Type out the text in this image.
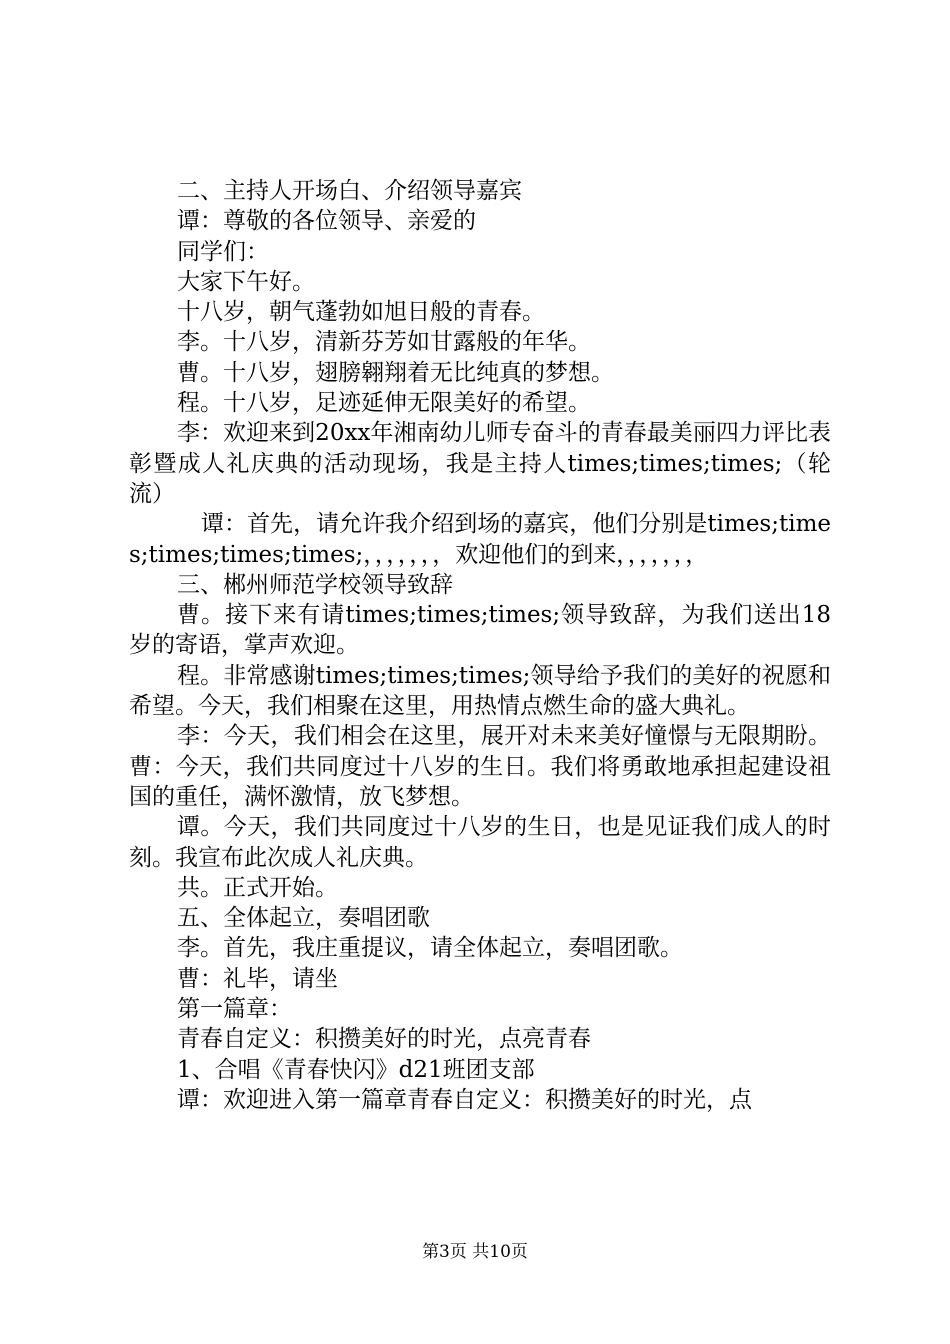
二、主持人开场白、介绍领导嘉宾

谭：尊敬的各位领导、亲爱的

同学们：

大家下午好。

十八岁，朝气蓬勃如旭日般的青春。

李。十八岁，清新芬芳如甘露般的年华。

曹。十八岁，翅膀翱翔着无比纯真的梦想。

程。十八岁，足迹延伸无限美好的希望。

李：欢迎来到20xx年湘南幼儿师专奋斗的青春最美丽四力评比表彰暨成人礼庆典的活动现场，我是主持人times;times;times;（轮流）

谭：首先，请允许我介绍到场的嘉宾，他们分别是times;times;times;times;times;，，，，，，，欢迎他们的到来，，，，，，，

三、郴州师范学校领导致辞

曹。接下来有请times;times;times;领导致辞，为我们送出18岁的寄语，掌声欢迎。

程。非常感谢times;times;times;领导给予我们的美好的祝愿和希望。今天，我们相聚在这里，用热情点燃生命的盛大典礼。

李：今天，我们相会在这里，展开对未来美好憧憬与无限期盼。曹：今天，我们共同度过十八岁的生日。我们将勇敢地承担起建设祖国的重任，满怀激情，放飞梦想。

谭。今天，我们共同度过十八岁的生日，也是见证我们成人的时刻。我宣布此次成人礼庆典。

共。正式开始。

五、全体起立，奏唱团歌

李。首先，我庄重提议，请全体起立，奏唱团歌。

曹：礼毕，请坐

第一篇章：

青春自定义：积攒美好的时光，点亮青春

1、合唱《青春快闪》d21班团支部

谭：欢迎进入第一篇章青春自定义：积攒美好的时光，点

第3页 共10页
